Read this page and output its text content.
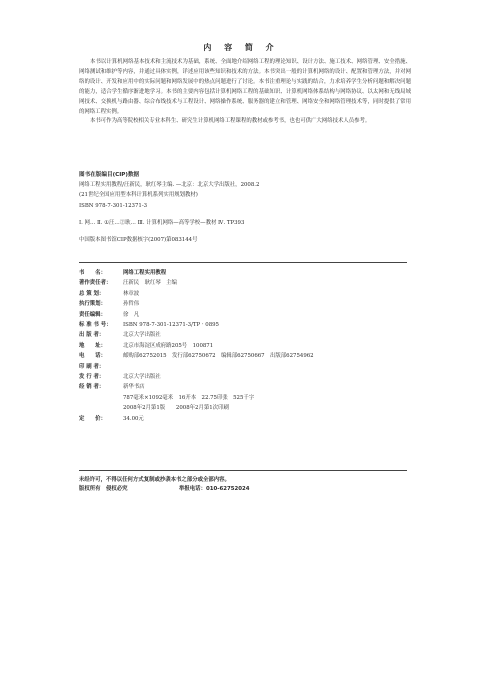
内 容 简 介

本书以计算机网络基本技术和主流技术为基础，系统、全面地介绍网络工程的理论知识、设计方法、施工技术、网络管理、安全措施、网络测试和维护等内容，并通过具体实例，详述应用该些知识和技术的方法。本书突出一般的计算机网络的设计、配置和管理方法，并对网络的设计、开发和应用中的实际问题和网络发展中的热点问题进行了讨论。本书注重理论与实践的结合，力求培养学生分析问题和解决问题的能力，适合学生循序渐进地学习。本书的主要内容包括计算机网络工程的基础知识、计算机网络体系结构与网络协议、以太网和无线局域网技术、交换机与路由器、综合布线技术与工程设计、网络操作系统、服务器的建立和管理、网络安全和网络管理技术等，同时提供了常用的网络工程实例。

本书可作为高等院校相关专业本科生、研究生计算机网络工程课程的教材或参考书，也也可供广大网络技术人员参考。

图书在版编目(CIP)数据
网络工程实用教程/汪新民，耿红琴主编. —北京：北京大学出版社，2008.2
(21世纪全国应用型本科计算机系列实用规划教材)
ISBN 978-7-301-12371-3
Ⅰ. 网… Ⅱ. ①汪…②耿… Ⅲ. 计算机网络—高等学校—教材 Ⅳ. TP393
中国版本图书馆CIP数据核字(2007)第083144号
书　　名：	网络工程实用教程
著作责任者：	汪新民　耿红琴　主编
总 策 划：	林章波
执行策划：	孙哲伟
责任编辑：	徐　凡
标 准 书 号：	ISBN 978-7-301-12371-3/TP · 0895
出 版 者：	北京大学出版社
地　　址：	北京市海淀区成府路205号　100871
电　　话：	邮购部62752015　发行部62750672　编辑部62750667　出版部62754962
印 刷 者：
发 行 者：	北京大学出版社
经 销 者：	新华书店
787毫米×1092毫米　16开本　22.75印张　525千字
2008年2月第1版　　2008年2月第1次印刷
定　　价：	34.00元
未经许可，不得以任何方式复制或抄袭本书之部分或全部内容。
版权所有　侵权必究	举报电话：010-62752024
